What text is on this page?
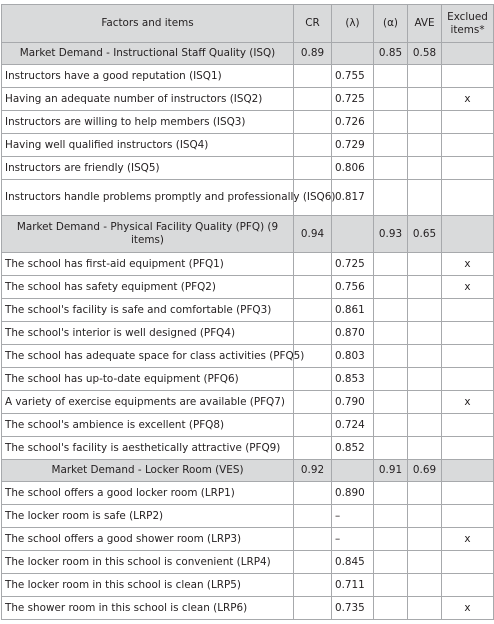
Factors and items	CR	(λ)	(α)	AVE	Exclued items*
Market Demand - Instructional Staff Quality (ISQ)	0.89		0.85	0.58	
Instructors have a good reputation (ISQ1)		0.755			
Having an adequate number of instructors (ISQ2)		0.725			x
Instructors are willing to help members (ISQ3)		0.726			
Having well qualified instructors (ISQ4)		0.729			
Instructors are friendly (ISQ5)		0.806			
Instructors handle problems promptly and professionally (ISQ6)		0.817			
Market Demand - Physical Facility Quality (PFQ) (9 items)	0.94		0.93	0.65	
The school has first-aid equipment (PFQ1)		0.725			x
The school has safety equipment (PFQ2)		0.756			x
The school's facility is safe and comfortable (PFQ3)		0.861			
The school's interior is well designed (PFQ4)		0.870			
The school has adequate space for class activities (PFQ5)		0.803			
The school has up-to-date equipment (PFQ6)		0.853			
A variety of exercise equipments are available (PFQ7)		0.790			x
The school's ambience is excellent (PFQ8)		0.724			
The school's facility is aesthetically attractive (PFQ9)		0.852			
Market Demand - Locker Room (VES)	0.92		0.91	0.69	
The school offers a good locker room (LRP1)		0.890			
The locker room is safe (LRP2)		–			
The school offers a good shower room (LRP3)		–			x
The locker room in this school is convenient (LRP4)		0.845			
The locker room in this school is clean (LRP5)		0.711			
The shower room in this school is clean (LRP6)		0.735			x
